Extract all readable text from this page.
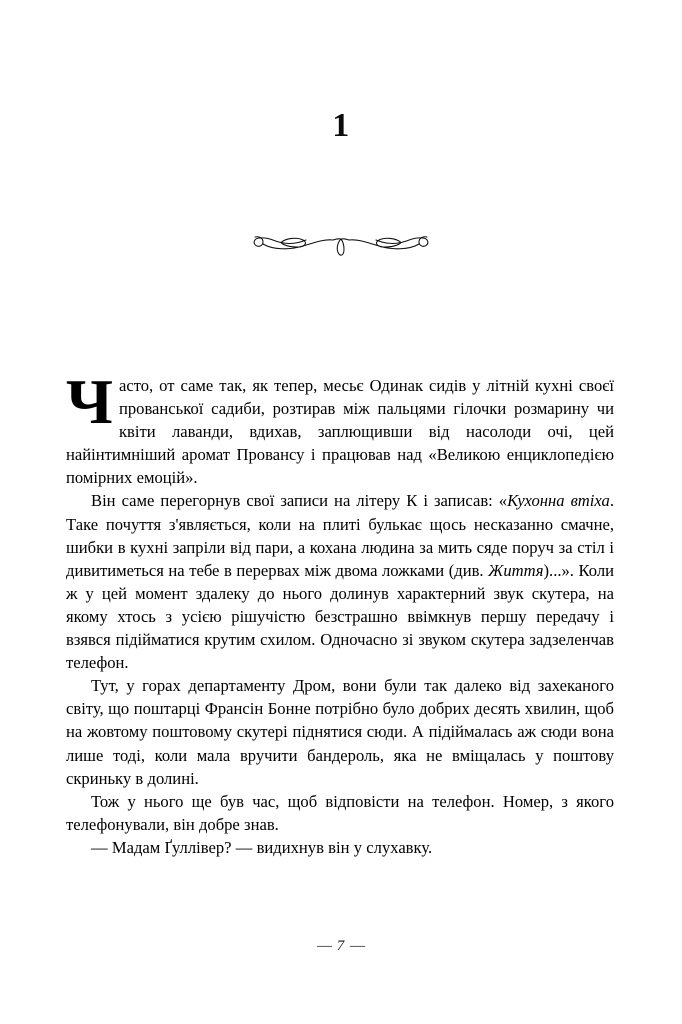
1

Часто, от саме так, як тепер, месьє Одинак сидів у літній кухні своєї прованської садиби, розтирав між пальцями гілочки розмарину чи квіти лаванди, вдихав, заплющивши від насолоди очі, цей найінтимніший аромат Провансу і працював над «Великою енциклопедією помірних емоцій».

Він саме перегорнув свої записи на літеру К і записав: «Кухонна втіха. Таке почуття з'являється, коли на плиті булькає щось несказанно смачне, шибки в кухні запріли від пари, а кохана людина за мить сяде поруч за стіл і дивитиметься на тебе в перервах між двома ложками (див. Життя)...». Коли ж у цей момент здалеку до нього долинув характерний звук скутера, на якому хтось з усією рішучістю безстрашно ввімкнув першу передачу і взявся підійматися крутим схилом. Одночасно зі звуком скутера задзеленчав телефон.

Тут, у горах департаменту Дром, вони були так далеко від захеканого світу, що поштарці Франсін Бонне потрібно було добрих десять хвилин, щоб на жовтому поштовому скутері піднятися сюди. А підіймалась аж сюди вона лише тоді, коли мала вручити бандероль, яка не вміщалась у поштову скриньку в долині.

Тож у нього ще був час, щоб відповісти на телефон. Номер, з якого телефонували, він добре знав.

— Мадам Ґуллівер? — видихнув він у слухавку.

— 7 —
